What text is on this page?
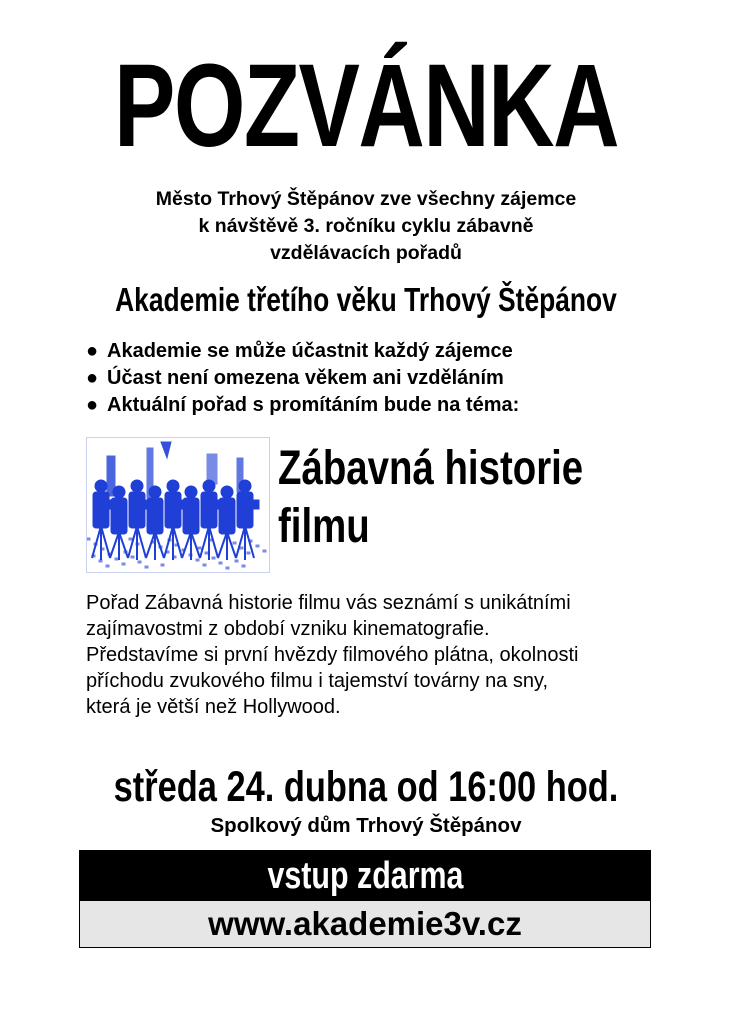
POZVÁNKA
Město Trhový Štěpánov zve všechny zájemce
k návštěvě 3. ročníku cyklu zábavně
vzdělávacích pořadů
Akademie třetího věku Trhový Štěpánov
● Akademie se může účastnit každý zájemce
● Účast není omezena věkem ani vzděláním
● Aktuální pořad s promítáním bude na téma:
Zábavná historie
filmu
Pořad Zábavná historie filmu vás seznámí s unikátními
zajímavostmi z období vzniku kinematografie.
Představíme si první hvězdy filmového plátna, okolnosti
příchodu zvukového filmu i tajemství továrny na sny,
která je větší než Hollywood.
středa 24. dubna od 16:00 hod.
Spolkový dům Trhový Štěpánov
vstup zdarma
www.akademie3v.cz
